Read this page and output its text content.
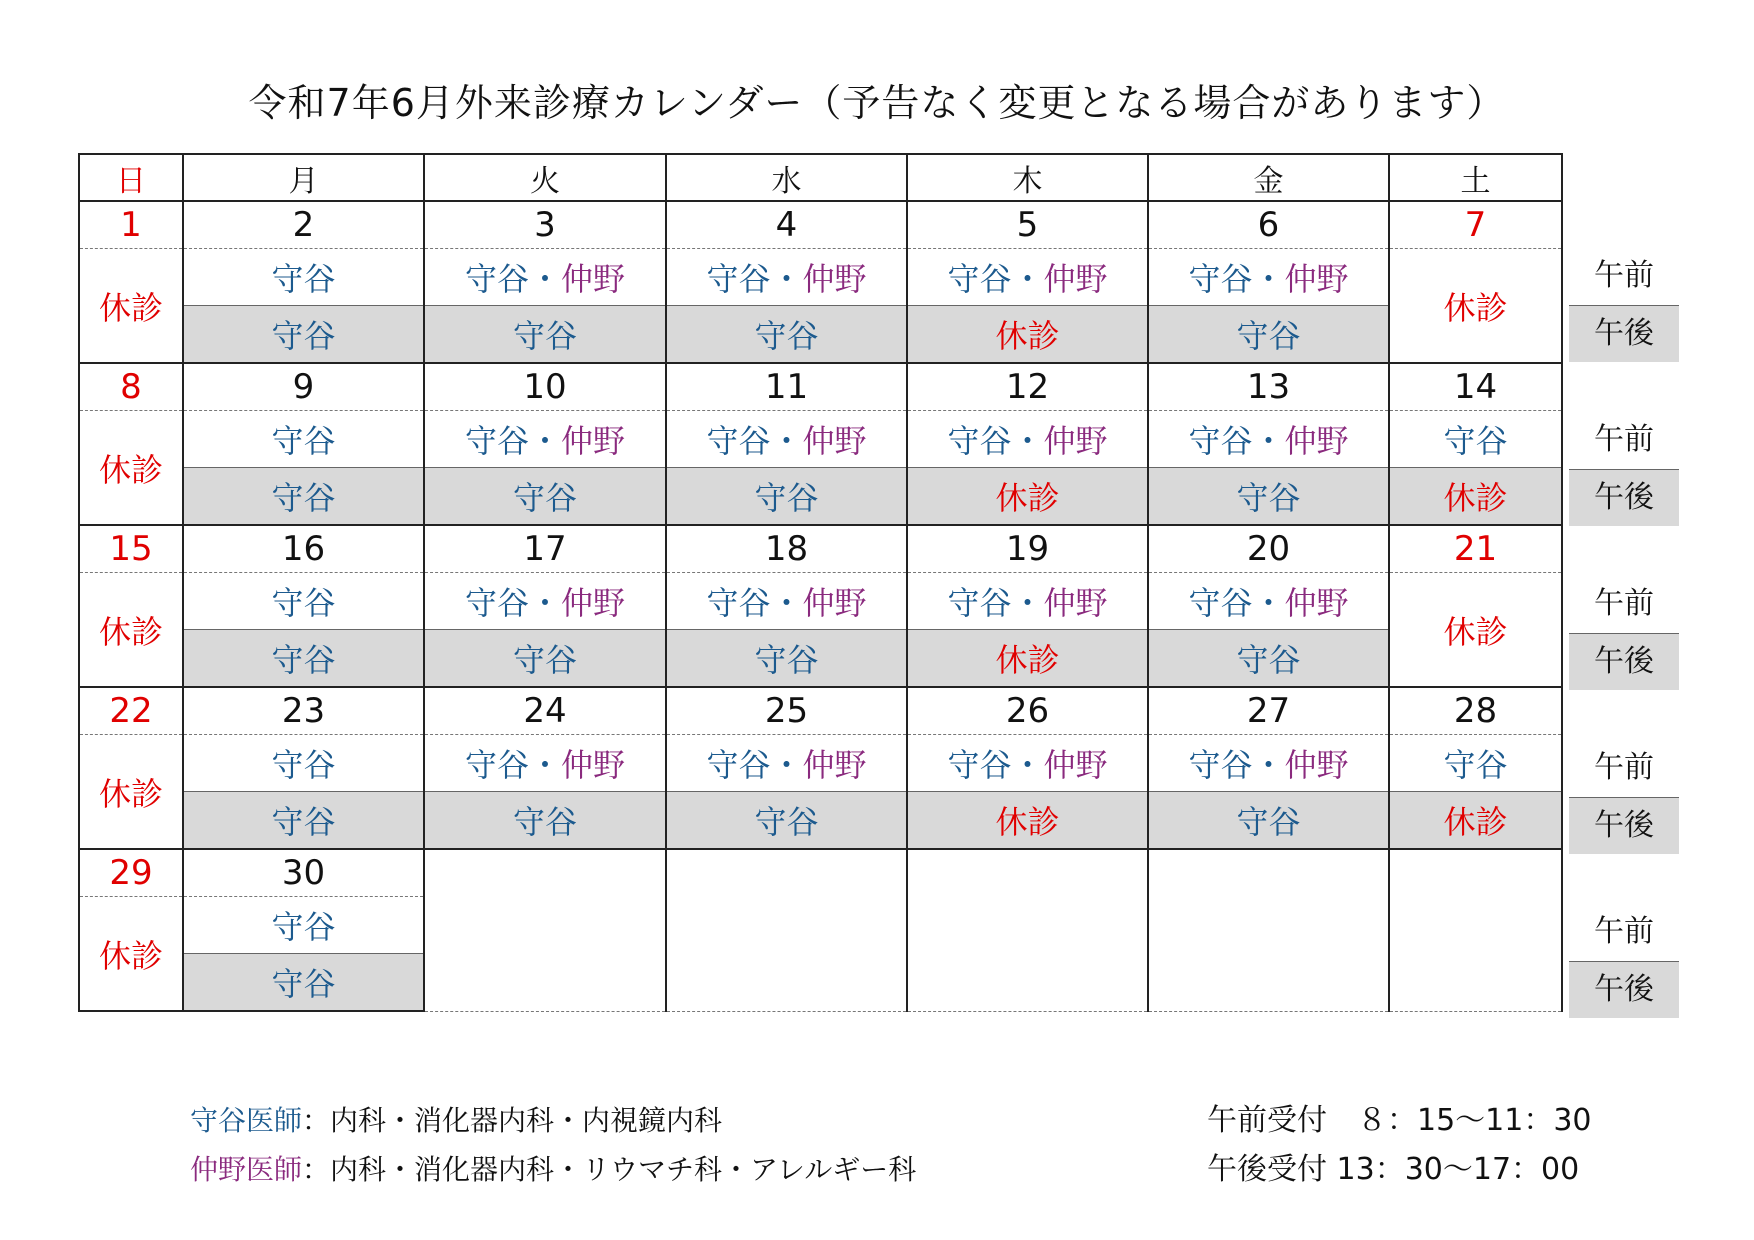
令和7年6月外来診療カレンダー（予告なく変更となる場合があります）
日	月	火	水	木	金	土
1	2	3	4	5	6	7
休診	守谷	守谷・仲野	守谷・仲野	守谷・仲野	守谷・仲野	休診
	守谷	守谷	守谷	休診	守谷	
8	9	10	11	12	13	14
休診	守谷	守谷・仲野	守谷・仲野	守谷・仲野	守谷・仲野	守谷
	守谷	守谷	守谷	休診	守谷	休診
15	16	17	18	19	20	21
休診	守谷	守谷・仲野	守谷・仲野	守谷・仲野	守谷・仲野	休診
	守谷	守谷	守谷	休診	守谷	
22	23	24	25	26	27	28
休診	守谷	守谷・仲野	守谷・仲野	守谷・仲野	守谷・仲野	守谷
	守谷	守谷	守谷	休診	守谷	休診
29	30					
休診	守谷					
	守谷					
午前
午後
午前
午後
午前
午後
午前
午後
午前
午後
守谷医師：内科・消化器内科・内視鏡内科
仲野医師：内科・消化器内科・リウマチ科・アレルギー科
午前受付　８：15～11：30
午後受付 13：30～17：00
